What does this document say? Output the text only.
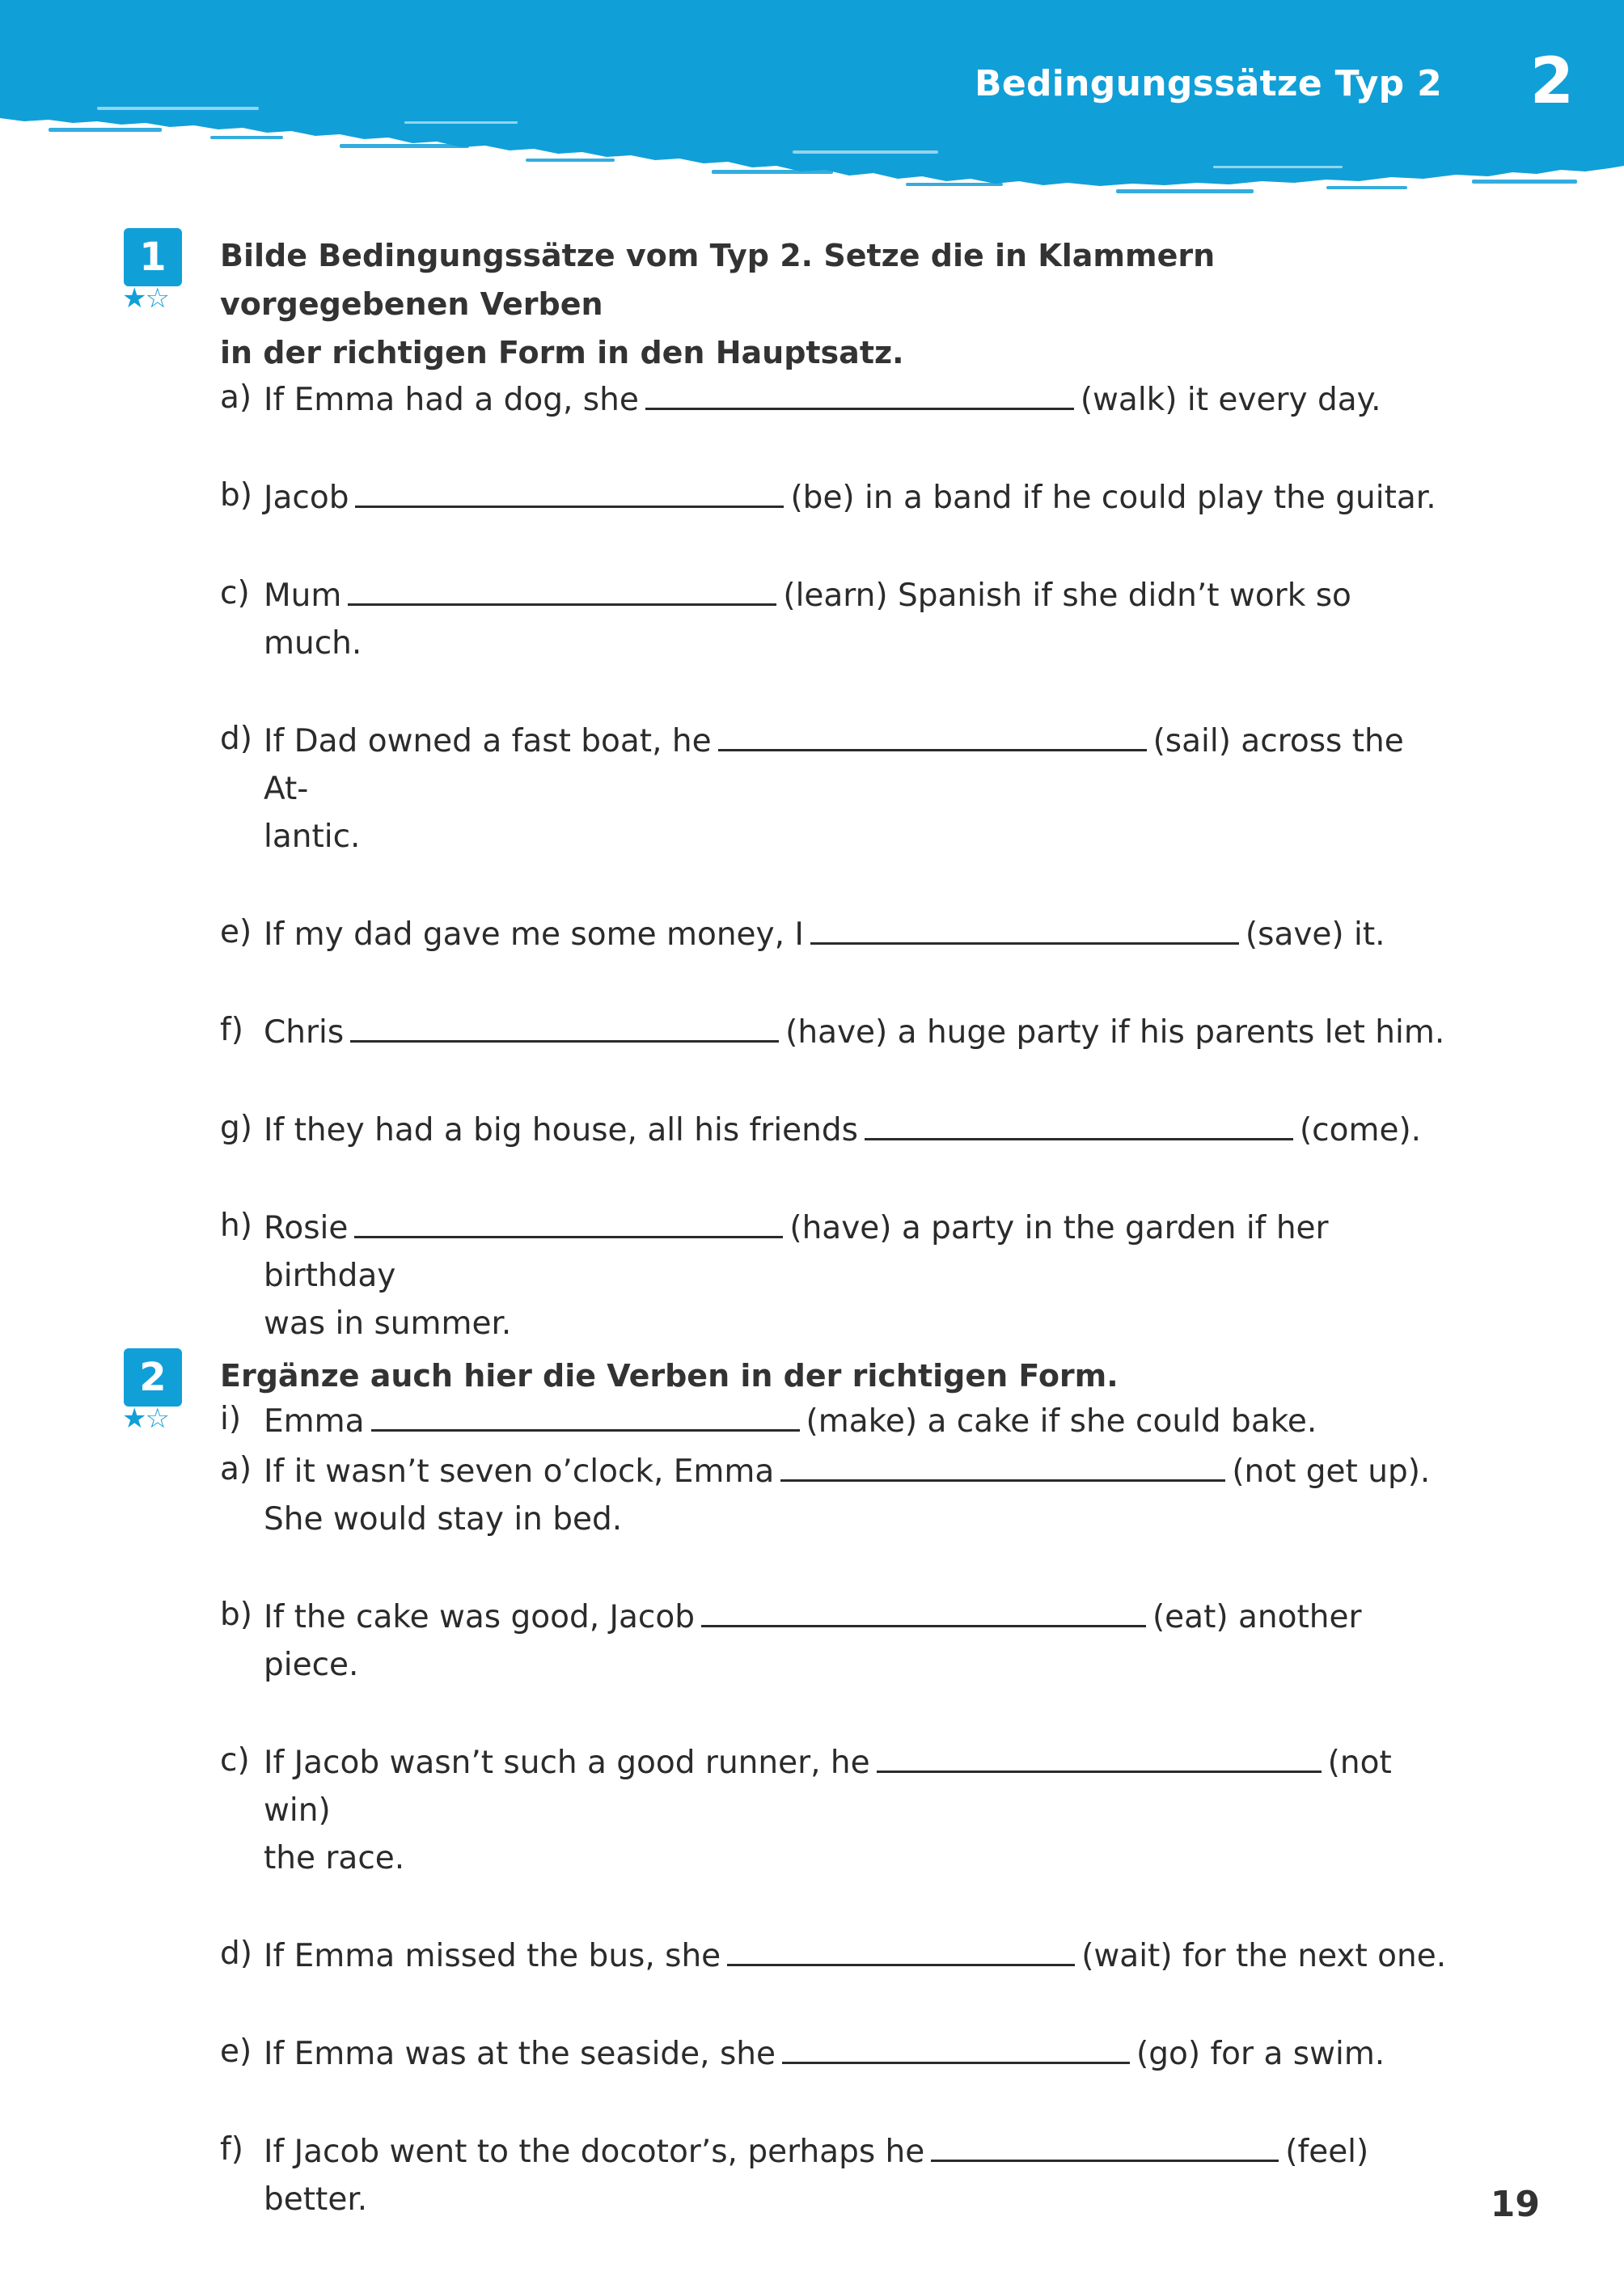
Bedingungssätze Typ 2 2
1
★☆
Bilde Bedingungssätze vom Typ 2. Setze die in Klammern vorgegebenen Verben
in der richtigen Form in den Hauptsatz.
a) If Emma had a dog, she	(walk) it every day.
b) Jacob	(be) in a band if he could play the guitar.
c) Mum	(learn) Spanish if she didn’t work so much.
d) If Dad owned a fast boat, he	(sail) across the At-
lantic.
e) If my dad gave me some money, I	(save) it.
f) Chris	(have) a huge party if his parents let him.
g) If they had a big house, all his friends	(come).
h) Rosie	(have) a party in the garden if her birthday
was in summer.
i) Emma	(make) a cake if she could bake.
2
★☆
Ergänze auch hier die Verben in der richtigen Form.
a) If it wasn’t seven o’clock, Emma	(not get up).
She would stay in bed.
b) If the cake was good, Jacob	(eat) another piece.
c) If Jacob wasn’t such a good runner, he	(not win)
the race.
d) If Emma missed the bus, she	(wait) for the next one.
e) If Emma was at the seaside, she	(go) for a swim.
f) If Jacob went to the docotor’s, perhaps he	(feel) better.	19
